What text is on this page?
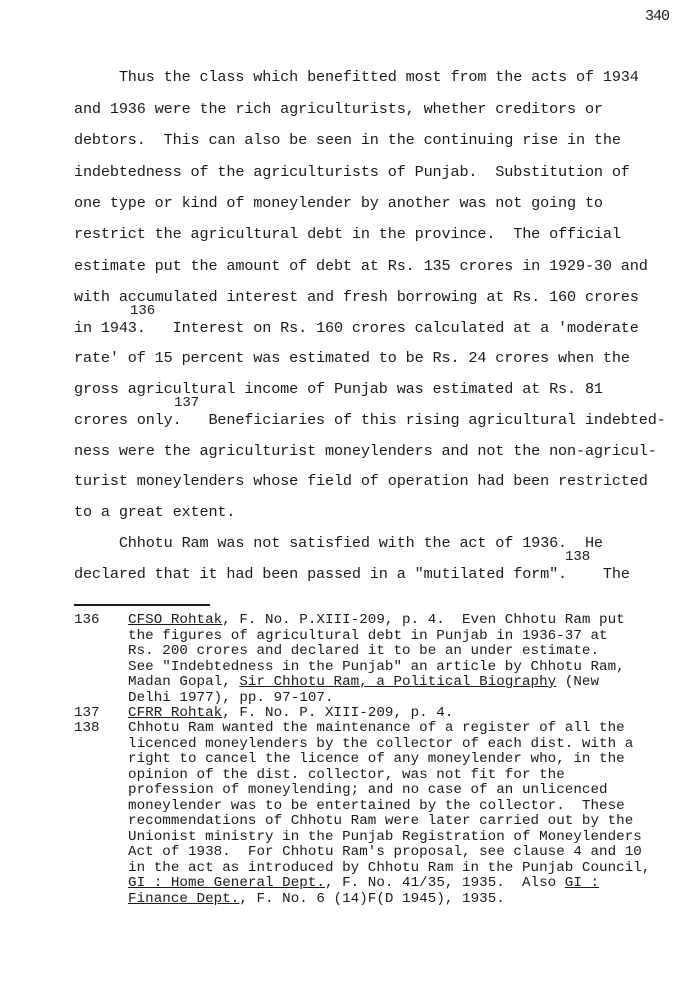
340
Thus the class which benefitted most from the acts of 1934
and 1936 were the rich agriculturists, whether creditors or
debtors.  This can also be seen in the continuing rise in the
indebtedness of the agriculturists of Punjab.  Substitution of
one type or kind of moneylender by another was not going to
restrict the agricultural debt in the province.  The official
estimate put the amount of debt at Rs. 135 crores in 1929-30 and
with accumulated interest and fresh borrowing at Rs. 160 crores
in 1943.   Interest on Rs. 160 crores calculated at a 'moderate
rate' of 15 percent was estimated to be Rs. 24 crores when the
gross agricultural income of Punjab was estimated at Rs. 81
crores only.   Beneficiaries of this rising agricultural indebted-
ness were the agriculturist moneylenders and not the non-agricul-
turist moneylenders whose field of operation had been restricted
to a great extent.
Chhotu Ram was not satisfied with the act of 1936.  He
declared that it had been passed in a "mutilated form".    The
136
137
138
136 CFSO Rohtak, F. No. P.XIII-209, p. 4.  Even Chhotu Ram put
the figures of agricultural debt in Punjab in 1936-37 at
Rs. 200 crores and declared it to be an under estimate.
See "Indebtedness in the Punjab" an article by Chhotu Ram,
Madan Gopal, Sir Chhotu Ram, a Political Biography (New
Delhi 1977), pp. 97-107.
137 CFRR Rohtak, F. No. P. XIII-209, p. 4.
138 Chhotu Ram wanted the maintenance of a register of all the
licenced moneylenders by the collector of each dist. with a
right to cancel the licence of any moneylender who, in the
opinion of the dist. collector, was not fit for the
profession of moneylending; and no case of an unlicenced
moneylender was to be entertained by the collector.  These
recommendations of Chhotu Ram were later carried out by the
Unionist ministry in the Punjab Registration of Moneylenders
Act of 1938.  For Chhotu Ram's proposal, see clause 4 and 10
in the act as introduced by Chhotu Ram in the Punjab Council,
GI : Home General Dept., F. No. 41/35, 1935.  Also GI :
Finance Dept., F. No. 6 (14)F(D 1945), 1935.
